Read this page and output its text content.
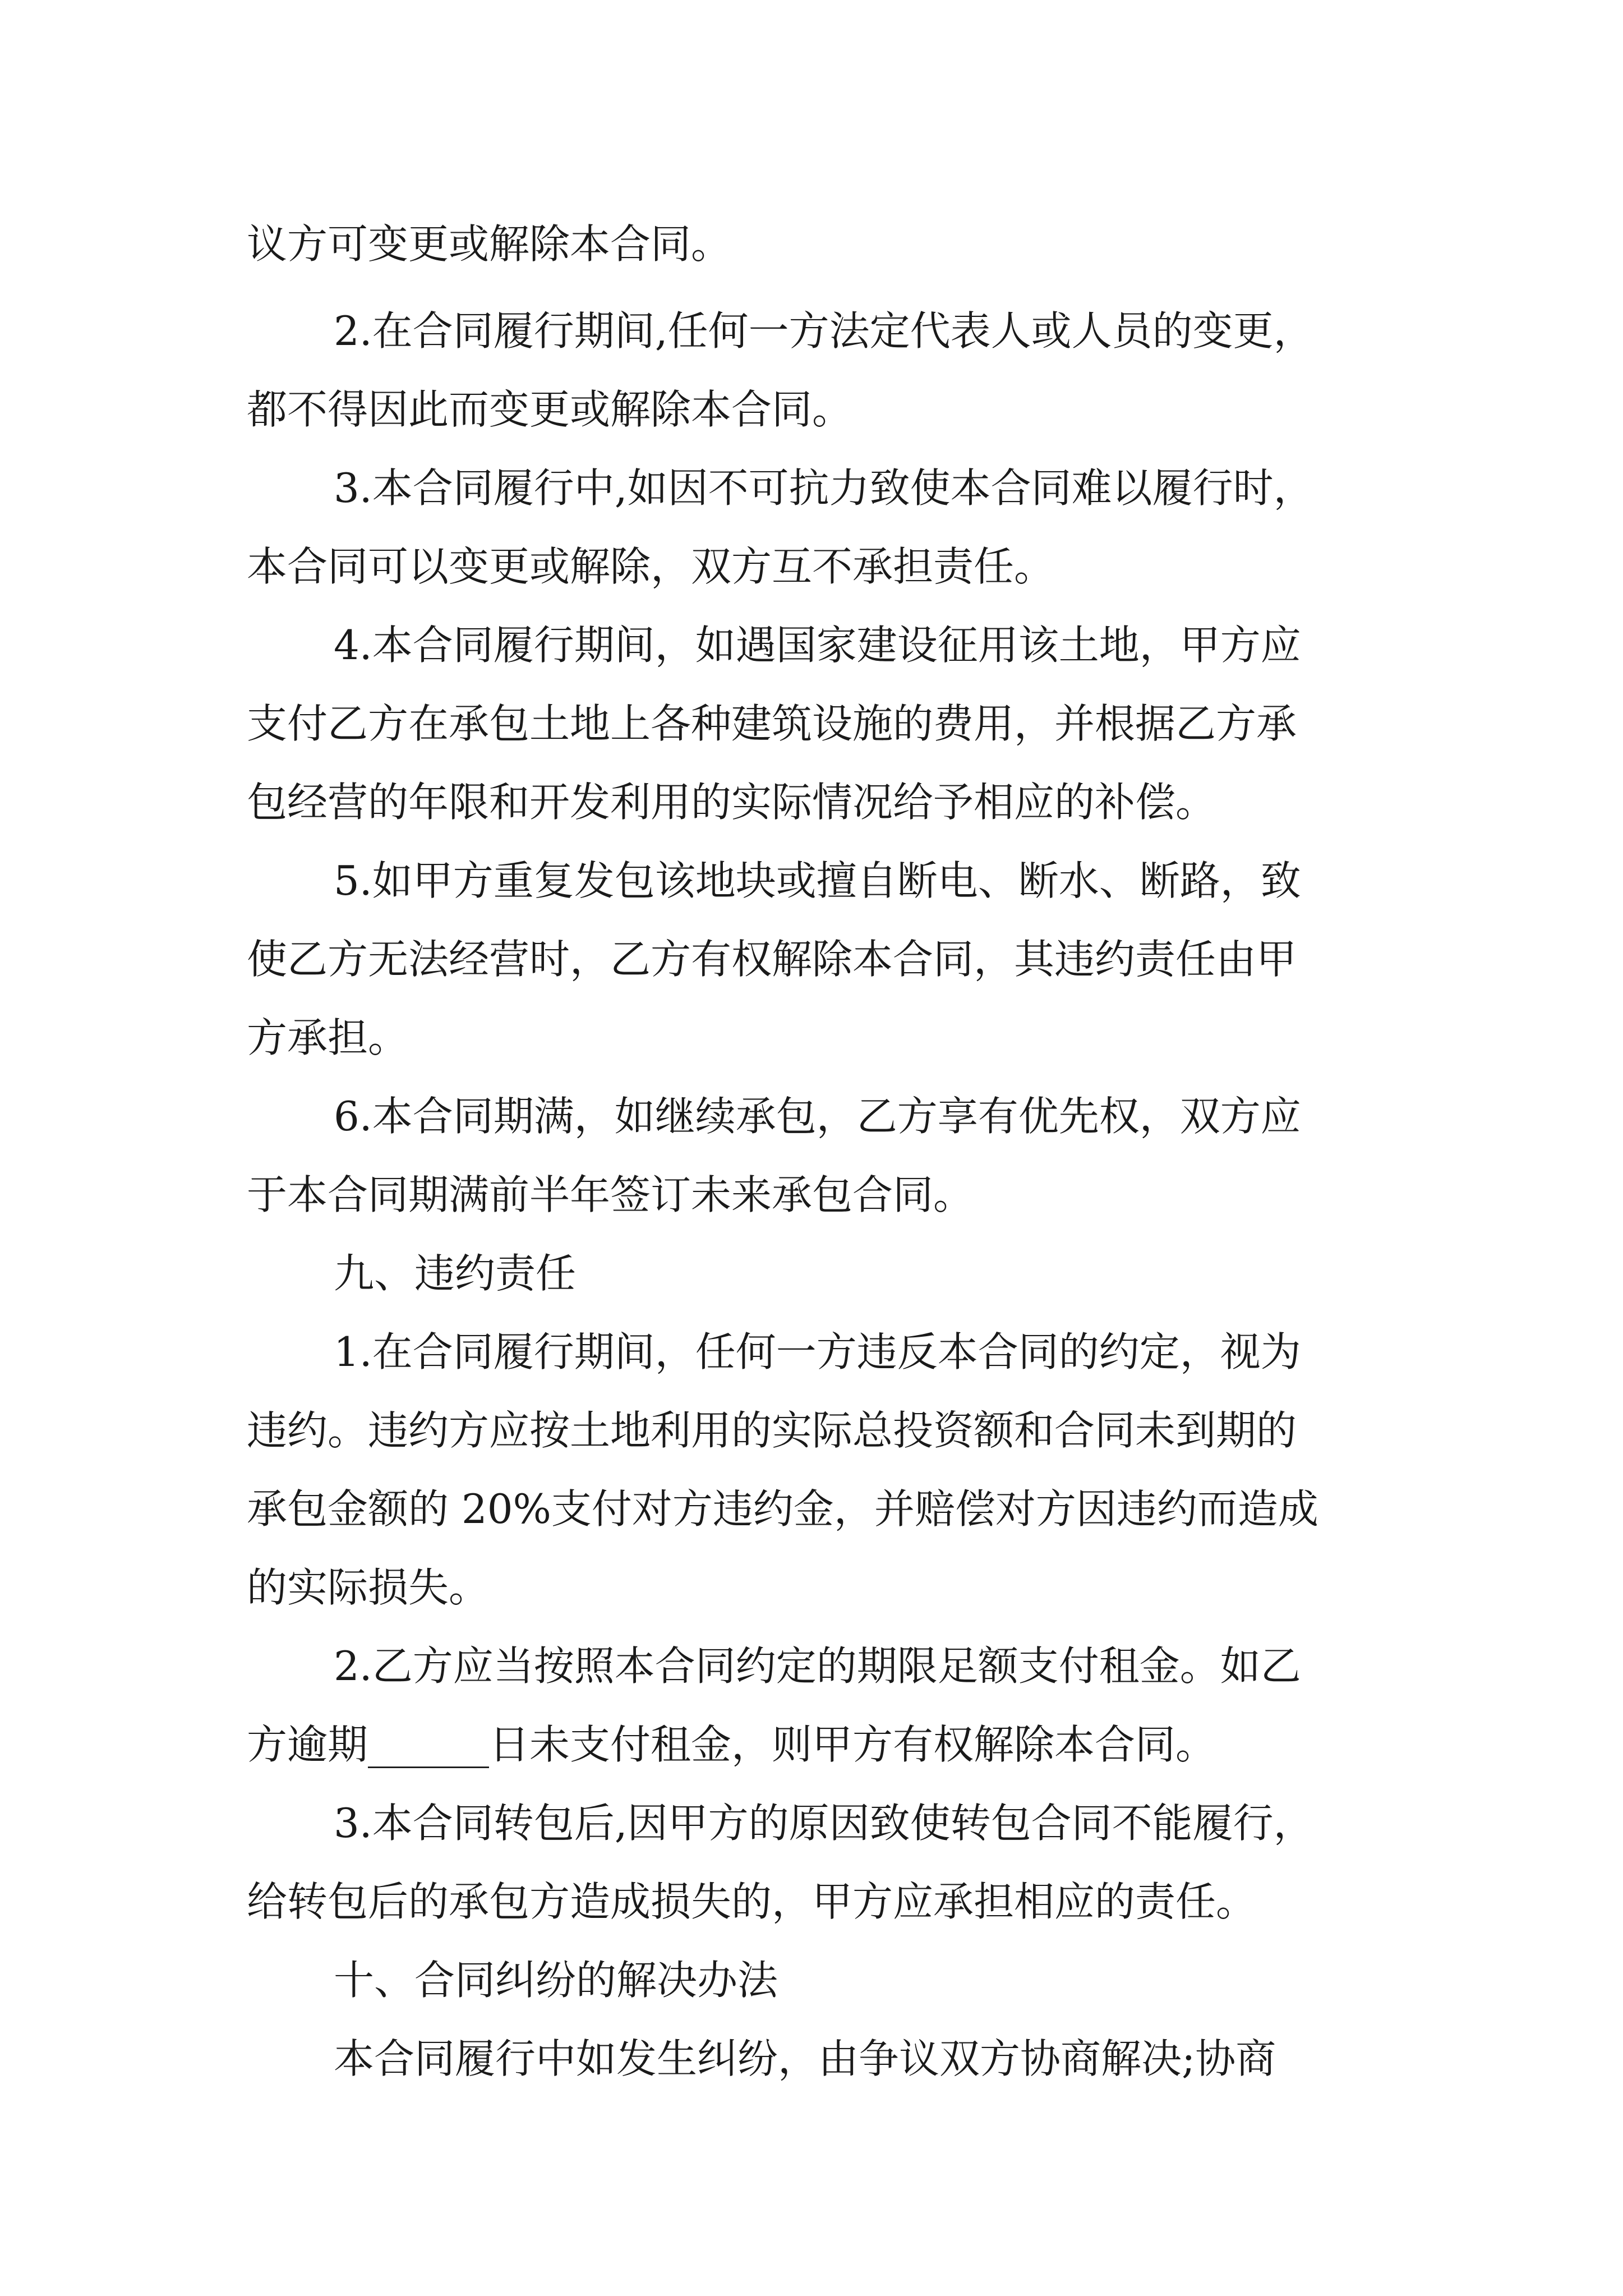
议方可变更或解除本合同。
2.在合同履行期间,任何一方法定代表人或人员的变更，
都不得因此而变更或解除本合同。
3.本合同履行中,如因不可抗力致使本合同难以履行时，
本合同可以变更或解除，双方互不承担责任。
4.本合同履行期间，如遇国家建设征用该土地，甲方应
支付乙方在承包土地上各种建筑设施的费用，并根据乙方承
包经营的年限和开发利用的实际情况给予相应的补偿。
5.如甲方重复发包该地块或擅自断电、断水、断路，致
使乙方无法经营时，乙方有权解除本合同，其违约责任由甲
方承担。
6.本合同期满，如继续承包，乙方享有优先权，双方应
于本合同期满前半年签订未来承包合同。
九、违约责任
1.在合同履行期间，任何一方违反本合同的约定，视为
违约。违约方应按土地利用的实际总投资额和合同未到期的
承包金额的 20%支付对方违约金，并赔偿对方因违约而造成
的实际损失。
2.乙方应当按照本合同约定的期限足额支付租金。如乙
方逾期______日未支付租金，则甲方有权解除本合同。
3.本合同转包后,因甲方的原因致使转包合同不能履行，
给转包后的承包方造成损失的，甲方应承担相应的责任。
十、合同纠纷的解决办法
本合同履行中如发生纠纷，由争议双方协商解决;协商
